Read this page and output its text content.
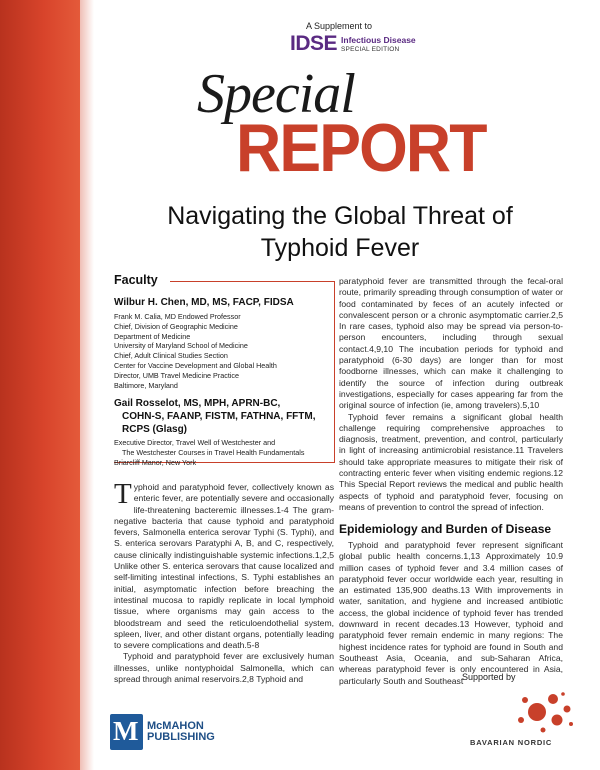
A Supplement to
IDSE Infectious Disease
SPECIAL EDITION
Special
REPORT
Navigating the Global Threat of
Typhoid Fever
Faculty
Wilbur H. Chen, MD, MS, FACP, FIDSA
Frank M. Calia, MD Endowed Professor
Chief, Division of Geographic Medicine
Department of Medicine
University of Maryland School of Medicine
Chief, Adult Clinical Studies Section
Center for Vaccine Development and Global Health
Director, UMB Travel Medicine Practice
Baltimore, Maryland
Gail Rosselot, MS, MPH, APRN-BC,
COHN-S, FAANP, FISTM, FATHNA, FFTM,
RCPS (Glasg)
Executive Director, Travel Well of Westchester and
The Westchester Courses in Travel Health Fundamentals
Briarcliff Manor, New York

Typhoid and paratyphoid fever, collectively known as enteric fever, are potentially severe and occasionally life-threatening bacteremic illnesses.1-4 The gram-negative bacteria that cause typhoid and paratyphoid fevers, Salmonella enterica serovar Typhi (S. Typhi), and S. enterica serovars Paratyphi A, B, and C, respectively, cause clinically indistinguishable systemic infections.1,2,5 Unlike other S. enterica serovars that cause localized and self-limiting intestinal infections, S. Typhi establishes an initial, asymptomatic infection before breaching the intestinal mucosa to rapidly replicate in local lymphoid tissue, where organisms may gain access to the bloodstream and seed the reticuloendothelial system, spleen, liver, and other distant organs, potentially leading to severe complications and death.5-8

Typhoid and paratyphoid fever are exclusively human illnesses, unlike nontyphoidal Salmonella, which can spread through animal reservoirs.2,8 Typhoid and

paratyphoid fever are transmitted through the fecal-oral route, primarily spreading through consumption of water or food contaminated by feces of an acutely infected or convalescent person or a chronic asymptomatic carrier.2,5 In rare cases, typhoid also may be spread via person-to-person encounters, including through sexual contact.4,9,10 The incubation periods for typhoid and paratyphoid (6-30 days) are longer than for most foodborne illnesses, which can make it challenging to identify the source of infection during outbreak investigations, especially for cases appearing far from the original source of infection (ie, among travelers).5,10

Typhoid fever remains a significant global health challenge requiring comprehensive approaches to diagnosis, treatment, prevention, and control, particularly in light of increasing antimicrobial resistance.11 Travelers should take appropriate measures to mitigate their risk of contracting enteric fever when visiting endemic regions.12 This Special Report reviews the medical and public health aspects of typhoid and paratyphoid fever, focusing on means of prevention to control the spread of infection.

Epidemiology and Burden of Disease

Typhoid and paratyphoid fever represent significant global public health concerns.1,13 Approximately 10.9 million cases of typhoid fever and 3.4 million cases of paratyphoid fever occur worldwide each year, resulting in an estimated 135,900 deaths.13 With improvements in water, sanitation, and hygiene and increased antibiotic access, the global incidence of typhoid fever has trended downward in recent decades.13 However, typhoid and paratyphoid fever remain endemic in many regions: The highest incidence rates for typhoid are found in South and Southeast Asia, Oceania, and sub-Saharan Africa, whereas paratyphoid fever is only encountered in Asia, particularly South and Southeast

M
McMAHON
PUBLISHING
Supported by
BAVARIAN NORDIC
